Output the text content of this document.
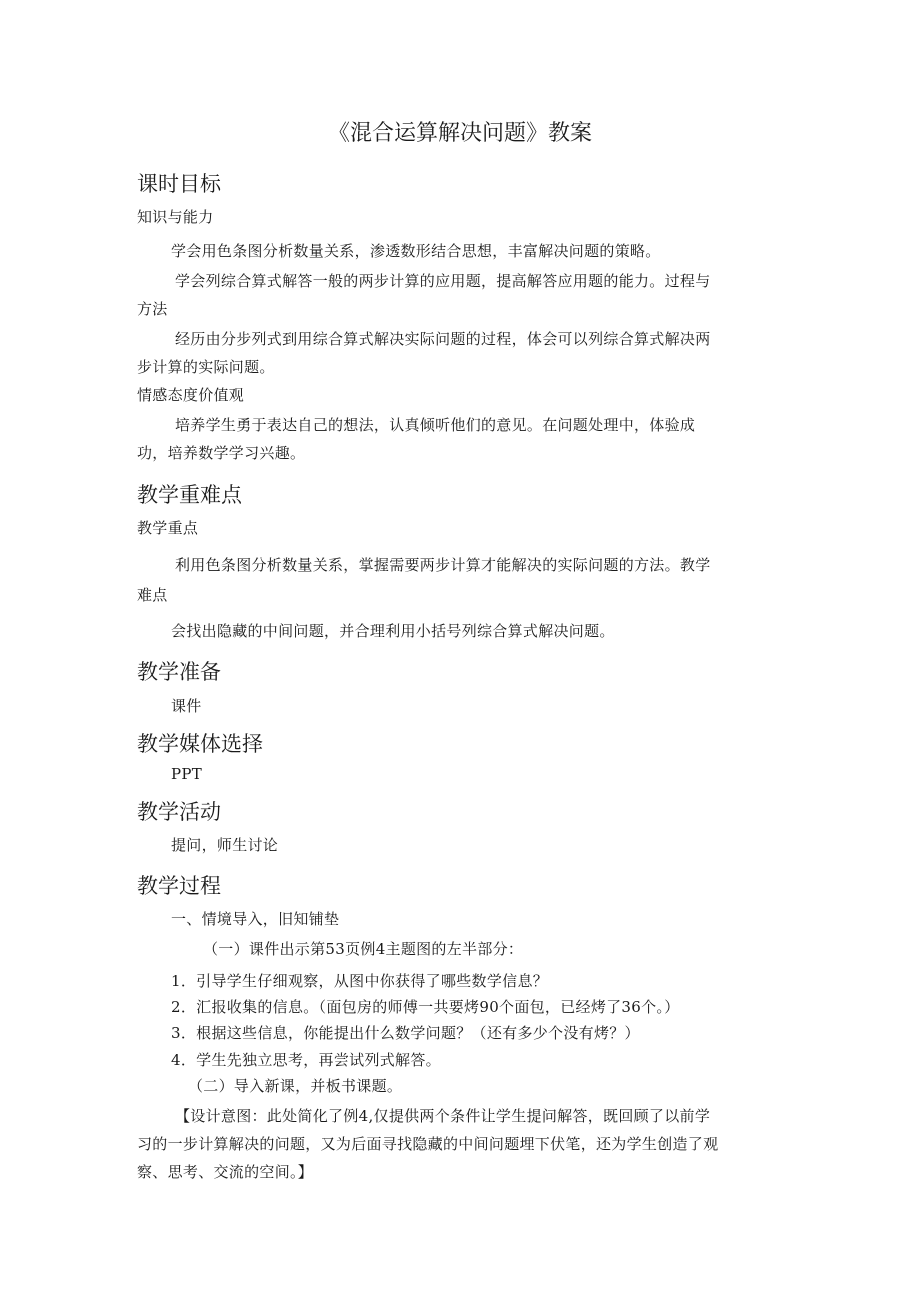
《混合运算解决问题》教案
课时目标
知识与能力
学会用色条图分析数量关系，渗透数形结合思想，丰富解决问题的策略。
学会列综合算式解答一般的两步计算的应用题，提高解答应用题的能力。过程与
方法
经历由分步列式到用综合算式解决实际问题的过程，体会可以列综合算式解决两
步计算的实际问题。
情感态度价值观
培养学生勇于表达自己的想法，认真倾听他们的意见。在问题处理中，体验成
功，培养数学学习兴趣。
教学重难点
教学重点
利用色条图分析数量关系，掌握需要两步计算才能解决的实际问题的方法。教学
难点
会找出隐藏的中间问题，并合理利用小括号列综合算式解决问题。
教学准备
课件
教学媒体选择
PPT
教学活动
提问，师生讨论
教学过程
一、情境导入，旧知铺垫
（一）课件出示第53页例4主题图的左半部分：
1．引导学生仔细观察，从图中你获得了哪些数学信息？
2．汇报收集的信息。（面包房的师傅一共要烤90个面包，已经烤了36个。）
3．根据这些信息，你能提出什么数学问题？（还有多少个没有烤？）
4．学生先独立思考，再尝试列式解答。
（二）导入新课，并板书课题。
【设计意图：此处简化了例4,仅提供两个条件让学生提问解答，既回顾了以前学
习的一步计算解决的问题，又为后面寻找隐藏的中间问题埋下伏笔，还为学生创造了观
察、思考、交流的空间。】
